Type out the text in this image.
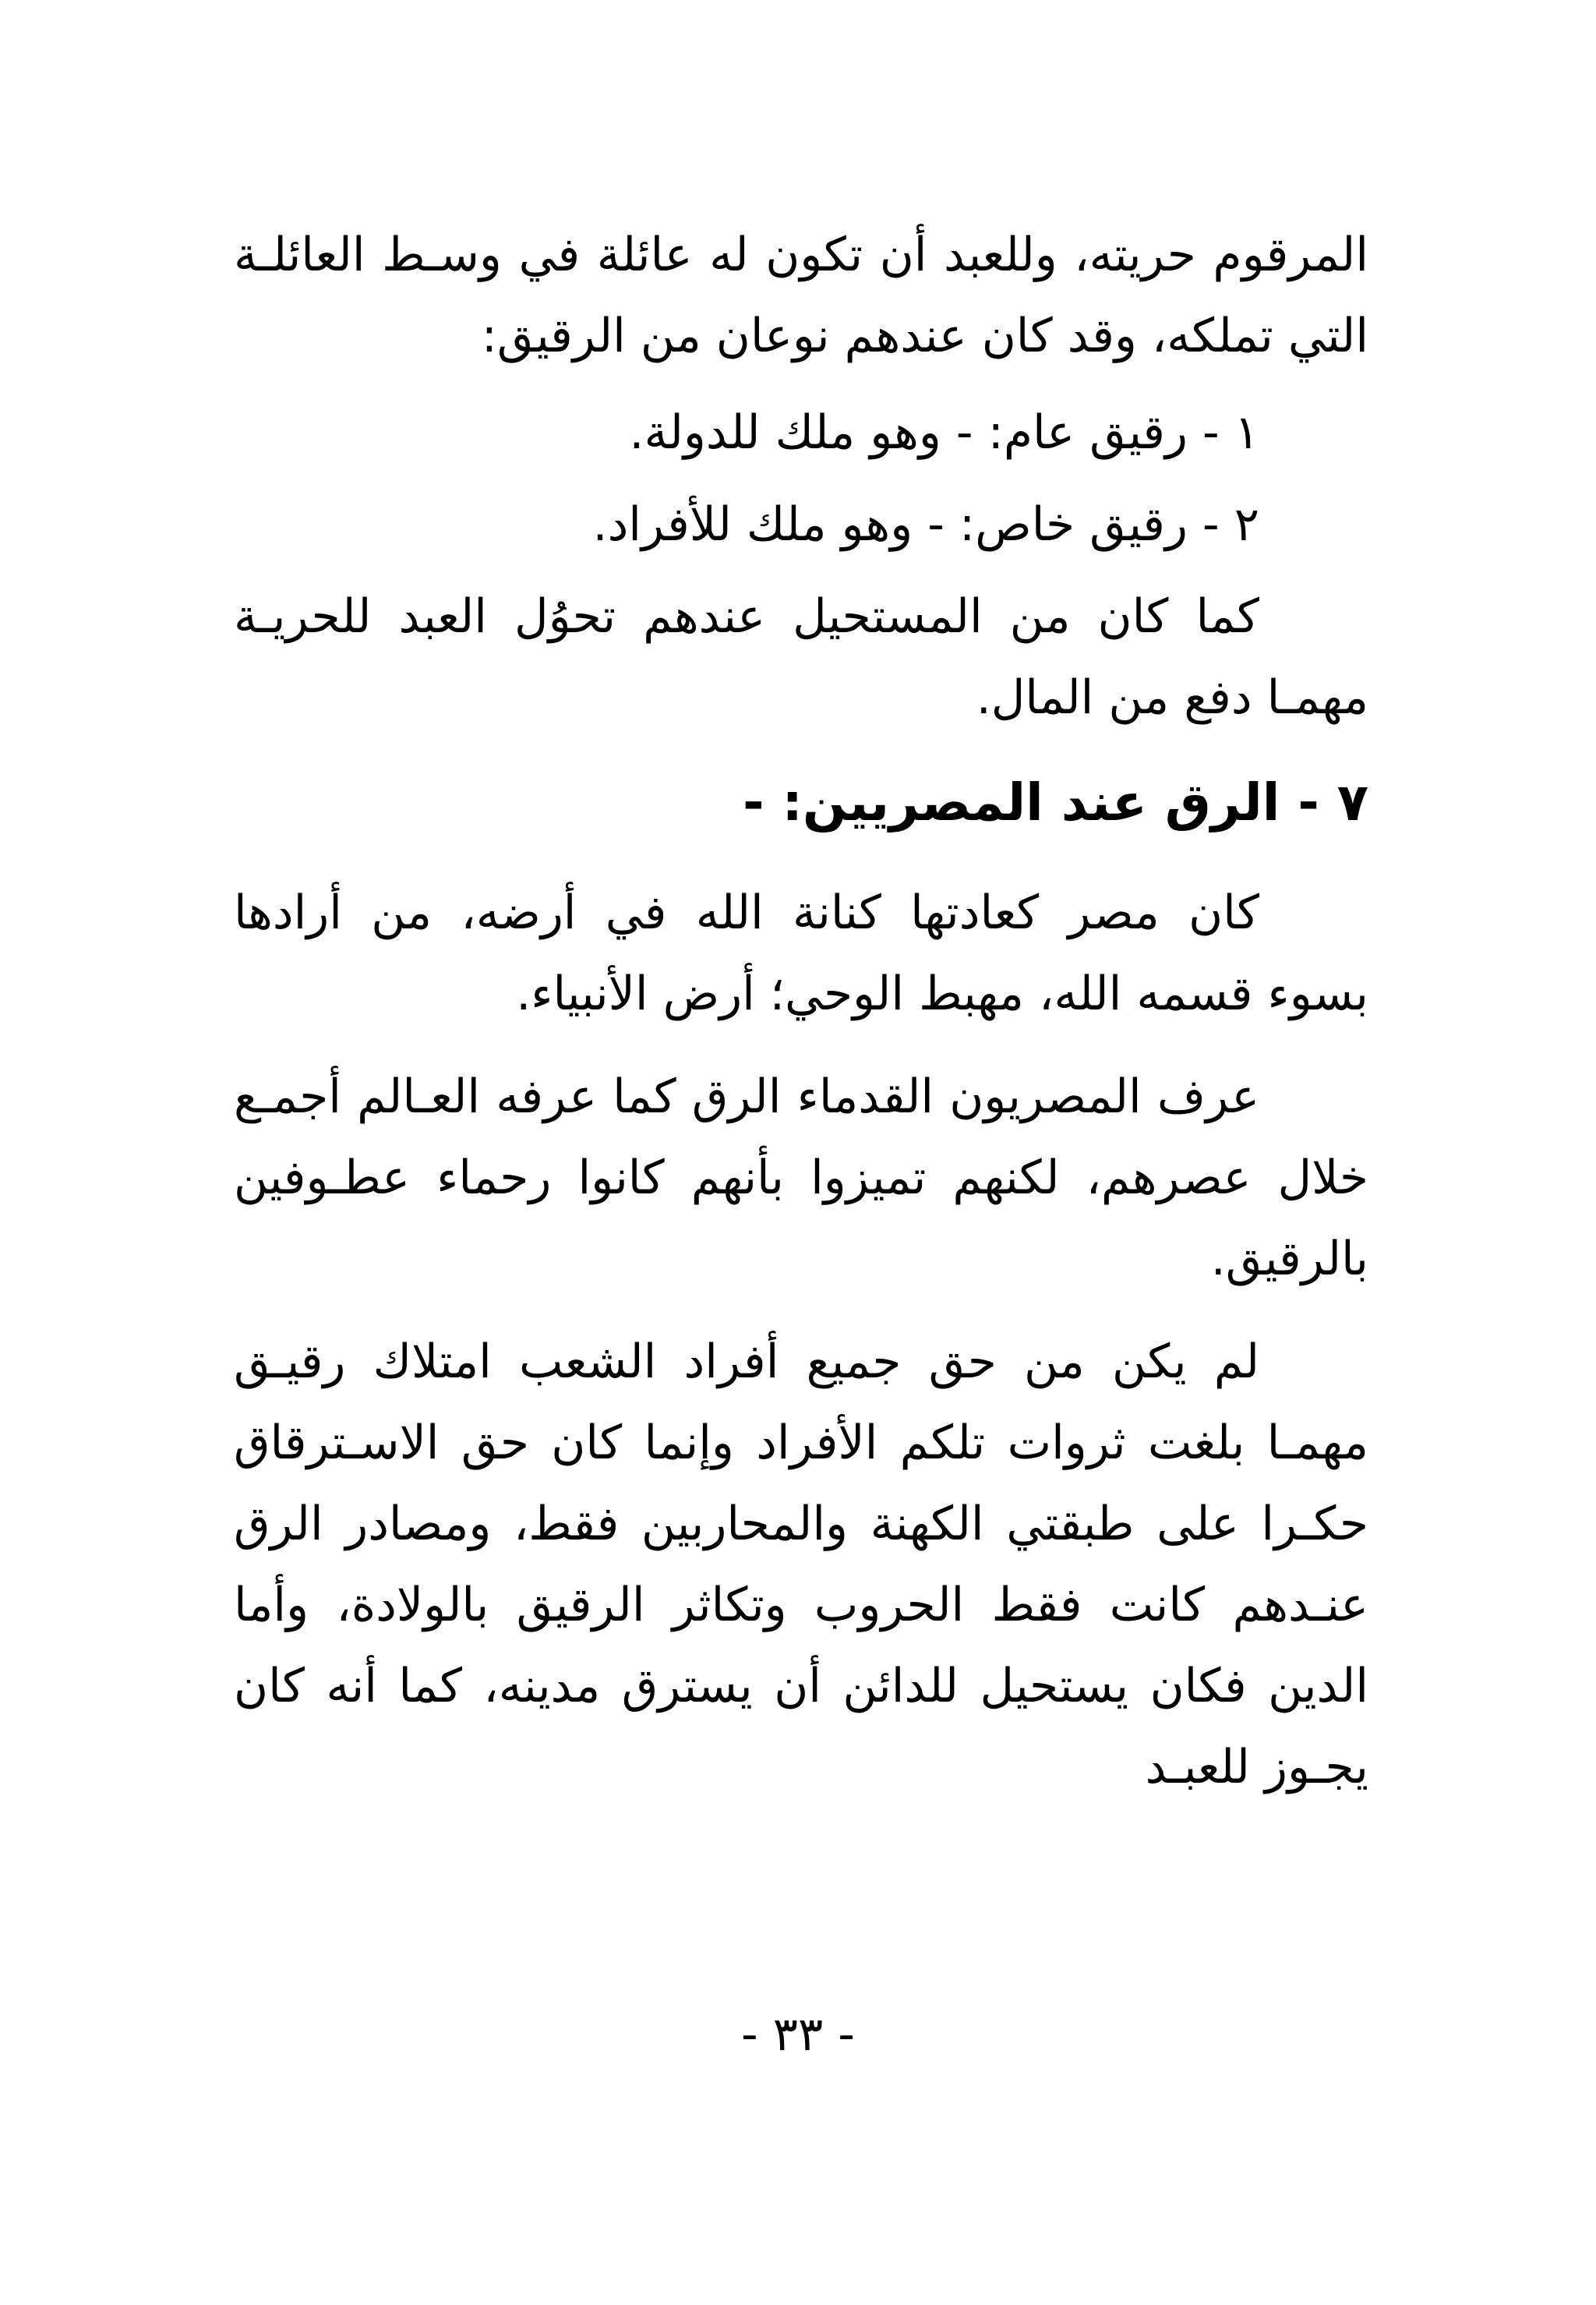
المرقوم حريته، وللعبد أن تكون له عائلة في وسـط العائلـة التي تملكه، وقد كان عندهم نوعان من الرقيق:

١ - رقيق عام: - وهو ملك للدولة.

٢ - رقيق خاص: - وهو ملك للأفراد.

كما كان من المستحيل عندهم تحوُل العبد للحريـة مهمـا دفع من المال.

٧ - الرق عند المصريين: -

كان مصر كعادتها كنانة الله في أرضه، من أرادها بسوء قسمه الله، مهبط الوحي؛ أرض الأنبياء.

عرف المصريون القدماء الرق كما عرفه العـالم أجمـع خلال عصرهم، لكنهم تميزوا بأنهم كانوا رحماء عطـوفين بالرقيق.

لم يكن من حق جميع أفراد الشعب امتلاك رقيـق مهمـا بلغت ثروات تلكم الأفراد وإنما كان حق الاسـترقاق حكـرا على طبقتي الكهنة والمحاربين فقط، ومصادر الرق عنـدهم كانت فقط الحروب وتكاثر الرقيق بالولادة، وأما الدين فكان يستحيل للدائن أن يسترق مدينه، كما أنه كان يجـوز للعبـد

- ٣٣ -
